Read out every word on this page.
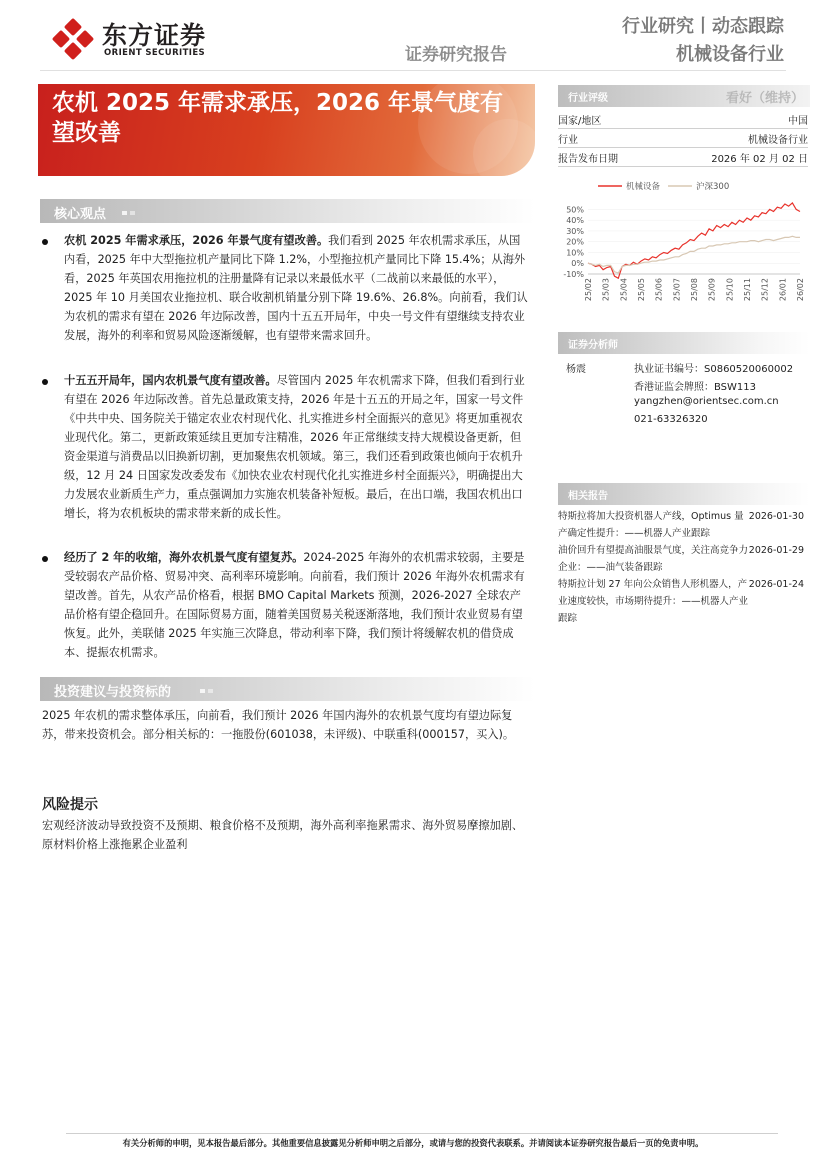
东方证券
ORIENT SECURITIES	证券研究报告
行业研究丨动态跟踪
机械设备行业
农机 2025 年需求承压，2026 年景气度有望改善
行业评级	看好（维持）
国家/地区	中国
行业	机械设备行业
报告发布日期	2026 年 02 月 02 日
机械设备	沪深300
50%
40%
30%
20%
10%
0%
-10%
25/02 25/03 25/04 25/05 25/06 25/07 25/08 25/09 25/10 25/11 25/12 26/01 26/02
证券分析师
杨震	执业证书编号：S0860520060002
香港证监会牌照：BSW113
yangzhen@orientsec.com.cn
021-63326320
相关报告
特斯拉将加大投资机器人产线，Optimus 量产确定性提升：——机器人产业跟踪
2026-01-30
油价回升有望提高油服景气度，关注高竞争力企业：——油气装备跟踪
2026-01-29
特斯拉计划 27 年向公众销售人形机器人，产业速度较快，市场期待提升：——机器人产业跟踪
2026-01-24
核心观点
农机 2025 年需求承压，2026 年景气度有望改善。我们看到 2025 年农机需求承压，从国内看，2025 年中大型拖拉机产量同比下降 1.2%，小型拖拉机产量同比下降 15.4%；从海外看，2025 年英国农用拖拉机的注册量降有记录以来最低水平（二战前以来最低的水平），2025 年 10 月美国农业拖拉机、联合收割机销量分别下降 19.6%、26.8%。向前看，我们认为农机的需求有望在 2026 年边际改善，国内十五五开局年，中央一号文件有望继续支持农业发展，海外的利率和贸易风险逐渐缓解，也有望带来需求回升。
十五五开局年，国内农机景气度有望改善。尽管国内 2025 年农机需求下降，但我们看到行业有望在 2026 年边际改善。首先总量政策支持，2026 年是十五五的开局之年，国家一号文件《中共中央、国务院关于锚定农业农村现代化、扎实推进乡村全面振兴的意见》将更加重视农业现代化。第二，更新政策延续且更加专注精准，2026 年正常继续支持大规模设备更新，但资金渠道与消费品以旧换新切割，更加聚焦农机领域。第三，我们还看到政策也倾向于农机升级，12 月 24 日国家发改委发布《加快农业农村现代化扎实推进乡村全面振兴》，明确提出大力发展农业新质生产力，重点强调加力实施农机装备补短板。最后，在出口端，我国农机出口增长，将为农机板块的需求带来新的成长性。
经历了 2 年的收缩，海外农机景气度有望复苏。2024-2025 年海外的农机需求较弱，主要是受较弱农产品价格、贸易冲突、高利率环境影响。向前看，我们预计 2026 年海外农机需求有望改善。首先，从农产品价格看，根据 BMO Capital Markets 预测，2026-2027 全球农产品价格有望企稳回升。在国际贸易方面，随着美国贸易关税逐渐落地，我们预计农业贸易有望恢复。此外，美联储 2025 年实施三次降息，带动利率下降，我们预计将缓解农机的借贷成本、提振农机需求。
投资建议与投资标的
2025 年农机的需求整体承压，向前看，我们预计 2026 年国内海外的农机景气度均有望边际复苏，带来投资机会。部分相关标的：一拖股份(601038，未评级)、中联重科(000157，买入)。
风险提示
宏观经济波动导致投资不及预期、粮食价格不及预期，海外高利率拖累需求、海外贸易摩擦加剧、原材料价格上涨拖累企业盈利
有关分析师的申明，见本报告最后部分。其他重要信息披露见分析师申明之后部分，或请与您的投资代表联系。并请阅读本证券研究报告最后一页的免责申明。
